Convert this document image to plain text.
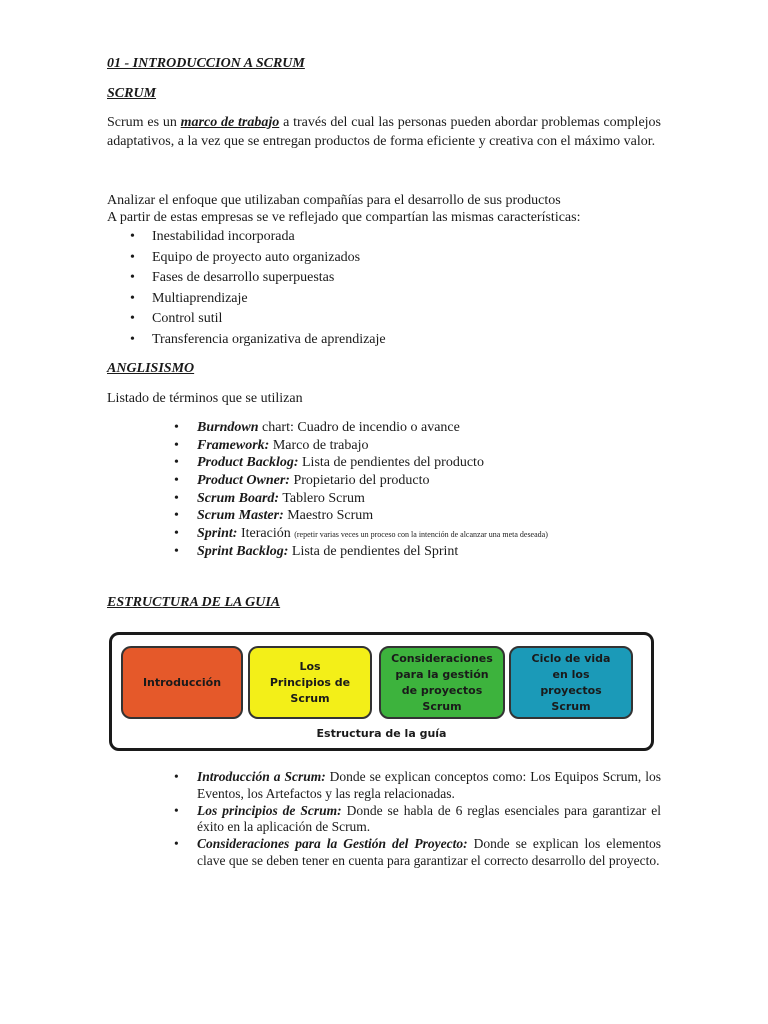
01 - INTRODUCCION A SCRUM
SCRUM
Scrum es un marco de trabajo a través del cual las personas pueden abordar problemas complejos adaptativos, a la vez que se entregan productos de forma eficiente y creativa con el máximo valor.
Analizar el enfoque que utilizaban compañías para el desarrollo de sus productos
A partir de estas empresas se ve reflejado que compartían las mismas características:
• Inestabilidad incorporada
• Equipo de proyecto auto organizados
• Fases de desarrollo superpuestas
• Multiaprendizaje
• Control sutil
• Transferencia organizativa de aprendizaje
ANGLISISMO
Listado de términos que se utilizan
• Burndown chart: Cuadro de incendio o avance
• Framework: Marco de trabajo
• Product Backlog: Lista de pendientes del producto
• Product Owner: Propietario del producto
• Scrum Board: Tablero Scrum
• Scrum Master: Maestro Scrum
• Sprint: Iteración (repetir varias veces un proceso con la intención de alcanzar una meta deseada)
• Sprint Backlog: Lista de pendientes del Sprint
ESTRUCTURA DE LA GUIA
Introducción
Los Principios de Scrum
Consideraciones para la gestión de proyectos Scrum
Ciclo de vida en los proyectos Scrum
Estructura de la guía
• Introducción a Scrum: Donde se explican conceptos como: Los Equipos Scrum, los Eventos, los Artefactos y las regla relacionadas.
• Los principios de Scrum: Donde se habla de 6 reglas esenciales para garantizar el éxito en la aplicación de Scrum.
• Consideraciones para la Gestión del Proyecto: Donde se explican los elementos clave que se deben tener en cuenta para garantizar el correcto desarrollo del proyecto.
